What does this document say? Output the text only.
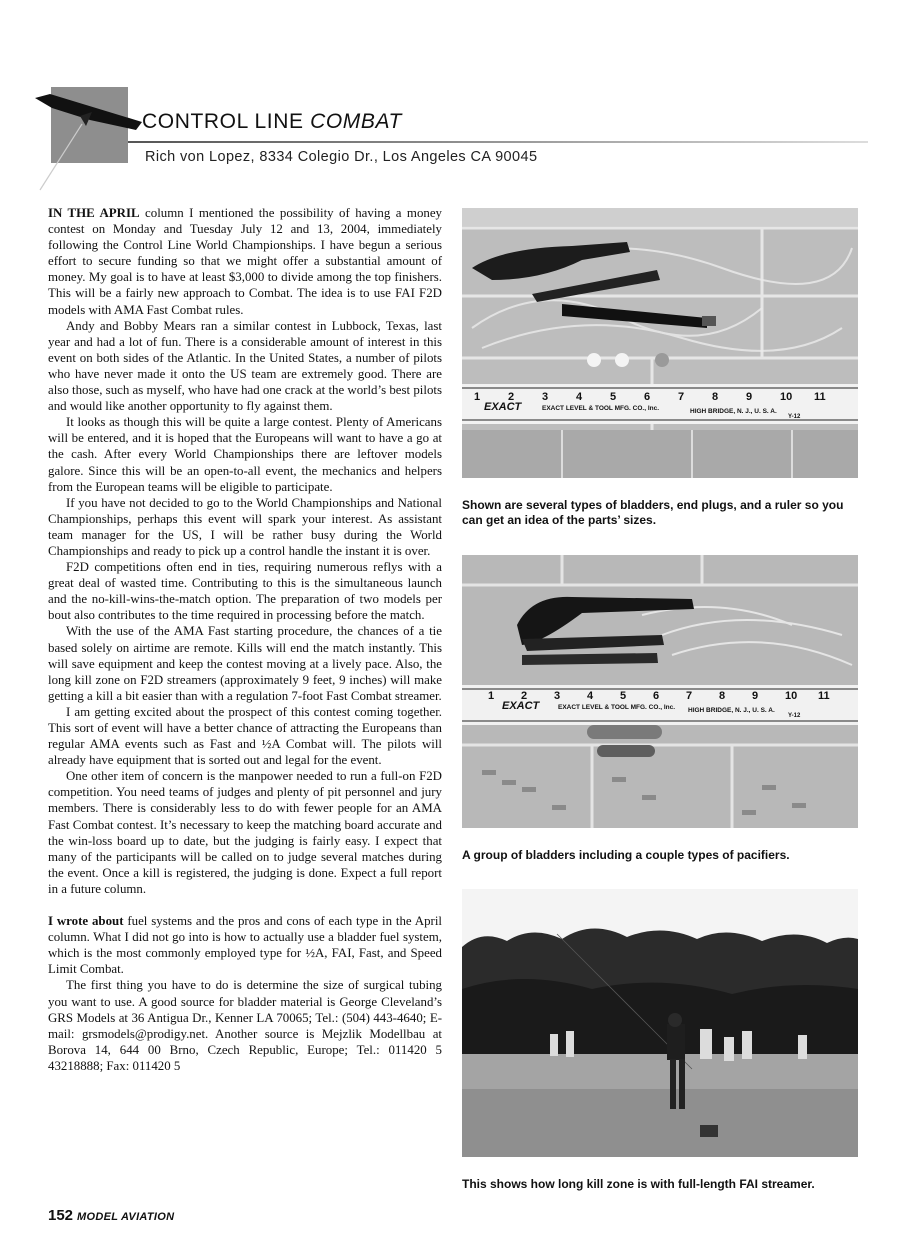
CONTROL LINE COMBAT
Rich von Lopez, 8334 Colegio Dr., Los Angeles CA 90045

IN THE APRIL column I mentioned the possibility of having a money contest on Monday and Tuesday July 12 and 13, 2004, immediately following the Control Line World Championships. I have begun a serious effort to secure funding so that we might offer a substantial amount of money. My goal is to have at least $3,000 to divide among the top finishers. This will be a fairly new approach to Combat. The idea is to use FAI F2D models with AMA Fast Combat rules.

Andy and Bobby Mears ran a similar contest in Lubbock, Texas, last year and had a lot of fun. There is a considerable amount of interest in this event on both sides of the Atlantic. In the United States, a number of pilots who have never made it onto the US team are extremely good. There are also those, such as myself, who have had one crack at the world’s best pilots and would like another opportunity to fly against them.

It looks as though this will be quite a large contest. Plenty of Americans will be entered, and it is hoped that the Europeans will want to have a go at the cash. After every World Championships there are leftover models galore. Since this will be an open-to-all event, the mechanics and helpers from the European teams will be eligible to participate.

If you have not decided to go to the World Championships and National Championships, perhaps this event will spark your interest. As assistant team manager for the US, I will be rather busy during the World Championships and ready to pick up a control handle the instant it is over.

F2D competitions often end in ties, requiring numerous reflys with a great deal of wasted time. Contributing to this is the simultaneous launch and the no-kill-wins-the-match option. The preparation of two models per bout also contributes to the time required in processing before the match.

With the use of the AMA Fast starting procedure, the chances of a tie based solely on airtime are remote. Kills will end the match instantly. This will save equipment and keep the contest moving at a lively pace. Also, the long kill zone on F2D streamers (approximately 9 feet, 9 inches) will make getting a kill a bit easier than with a regulation 7-foot Fast Combat streamer.

I am getting excited about the prospect of this contest coming together. This sort of event will have a better chance of attracting the Europeans than regular AMA events such as Fast and ½A Combat will. The pilots will already have equipment that is sorted out and legal for the event.

One other item of concern is the manpower needed to run a full-on F2D competition. You need teams of judges and plenty of pit personnel and jury members. There is considerably less to do with fewer people for an AMA Fast Combat contest. It’s necessary to keep the matching board accurate and the win-loss board up to date, but the judging is fairly easy. I expect that many of the participants will be called on to judge several matches during the event. Once a kill is registered, the judging is done. Expect a full report in a future column.

I wrote about fuel systems and the pros and cons of each type in the April column. What I did not go into is how to actually use a bladder fuel system, which is the most commonly employed type for ½A, FAI, Fast, and Speed Limit Combat.

The first thing you have to do is determine the size of surgical tubing you want to use. A good source for bladder material is George Cleveland’s GRS Models at 36 Antigua Dr., Kenner LA 70065; Tel.: (504) 443-4640; E-mail: grsmodels@prodigy.net. Another source is Mejzlik Modellbau at Borova 14, 644 00 Brno, Czech Republic, Europe; Tel.: 011420 5 43218888; Fax: 011420 5

EXACT	EXACT LEVEL & TOOL MFG. CO., Inc.	HIGH BRIDGE, N. J., U. S. A.
Y-12
1	2	3	4	5	6	7	8	9	10 11
Shown are several types of bladders, end plugs, and a ruler so you can get an idea of the parts’ sizes.
EXACT	EXACT LEVEL & TOOL MFG. CO., Inc. HIGH BRIDGE, N. J., U. S. A.
Y-12
1 2 3 4 5 6 7 8 9 10 11
A group of bladders including a couple types of pacifiers.
This shows how long kill zone is with full-length FAI streamer.
152 MODEL AVIATION
